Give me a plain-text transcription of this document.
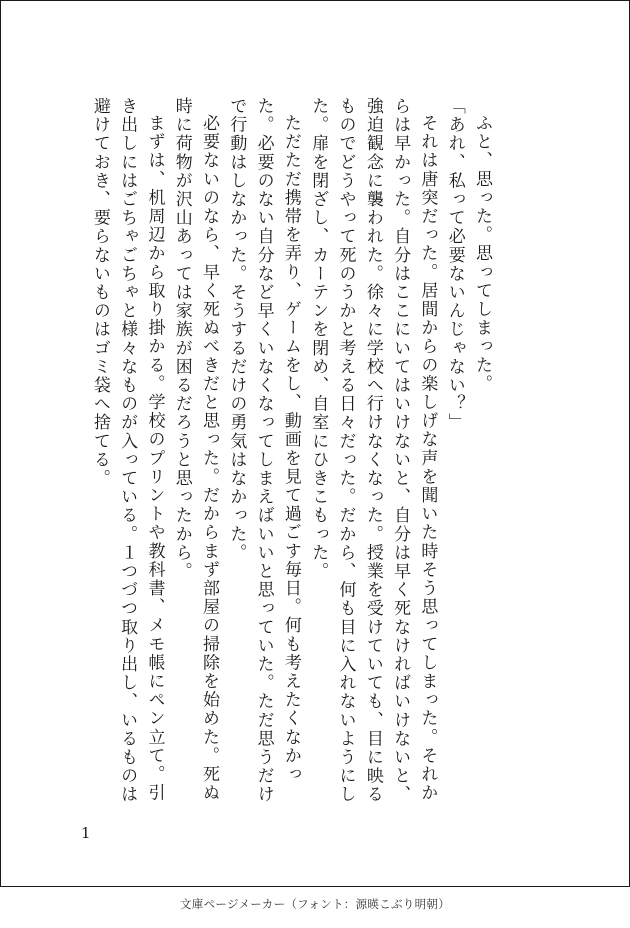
ふと、思った。思ってしまった。

「あれ、私って必要ないんじゃない？」

それは唐突だった。居間からの楽しげな声を聞いた時そう思ってしまった。それからは早かった。自分はここにいてはいけないと、自分は早く死なければいけないと、強迫観念に襲われた。徐々に学校へ行けなくなった。授業を受けていても、目に映るものでどうやって死のうかと考える日々だった。だから、何も目に入れないようにした。扉を閉ざし、カーテンを閉め、自室にひきこもった。

ただただ携帯を弄り、ゲームをし、動画を見て過ごす毎日。何も考えたくなかった。必要のない自分など早くいなくなってしまえばいいと思っていた。ただ思うだけで行動はしなかった。そうするだけの勇気はなかった。

必要ないのなら、早く死ぬべきだと思った。だからまず部屋の掃除を始めた。死ぬ時に荷物が沢山あっては家族が困るだろうと思ったから。

まずは、机周辺から取り掛かる。学校のプリントや教科書、メモ帳にペン立て。引き出しにはごちゃごちゃと様々なものが入っている。１つづつ取り出し、いるものは避けておき、要らないものはゴミ袋へ捨てる。

1
文庫ページメーカー（フォント：源暎こぶり明朝）
